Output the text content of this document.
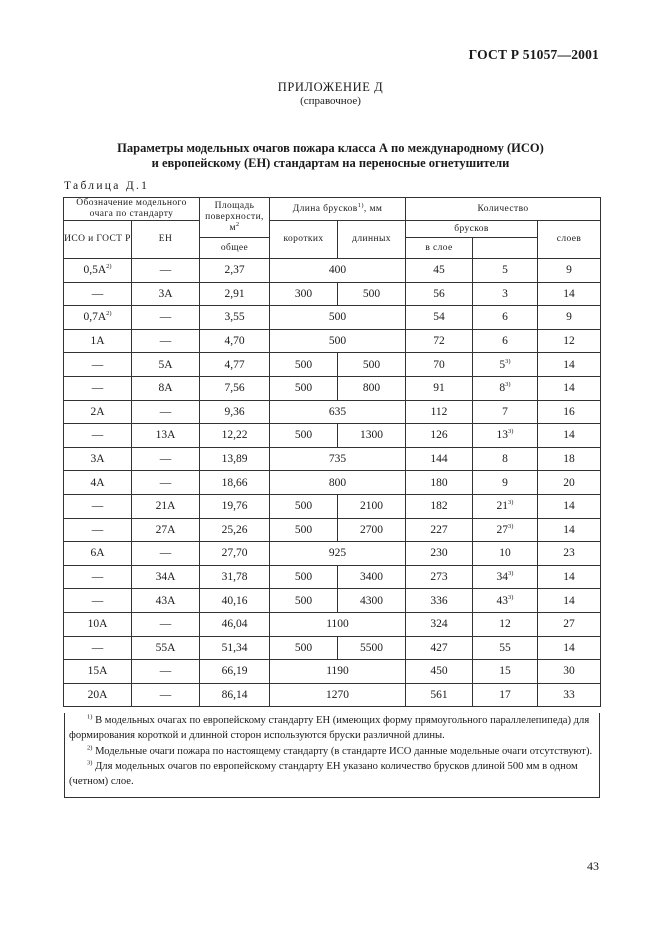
ГОСТ Р 51057—2001
ПРИЛОЖЕНИЕ Д
(справочное)
Параметры модельных очагов пожара класса А по международному (ИСО)
и европейскому (ЕН) стандартам на переносные огнетушители
Таблица Д.1
Обозначение модельного очага по стандарту		Площадь поверхности, $м^2$	Длина брусков$^{1)}$, мм		Количество		
ИСО и ГОСТ Р	ЕН		коротких	длинных	брусков		слоев
		общее			в слое		
$0,5А^{2)}$	—	2,37	400		45	5	9
—	3А	2,91	300	500	56	3	14
$0,7А^{2)}$	—	3,55	500		54	6	9
1А	—	4,70	500		72	6	12
—	5А	4,77	500	500	70	5$^{3)}$	14
—	8А	7,56	500	800	91	8$^{3)}$	14
2А	—	9,36	635		112	7	16
—	13А	12,22	500	1300	126	13$^{3)}$	14
3А	—	13,89	735		144	8	18
4А	—	18,66	800		180	9	20
—	21А	19,76	500	2100	182	21$^{3)}$	14
—	27А	25,26	500	2700	227	27$^{3)}$	14
6А	—	27,70	925		230	10	23
—	34А	31,78	500	3400	273	34$^{3)}$	14
—	43А	40,16	500	4300	336	43$^{3)}$	14
10А	—	46,04	1100		324	12	27
—	55А	51,34	500	5500	427	55	14
15А	—	66,19	1190		450	15	30
20А	—	86,14	1270		561	17	33

$^{1)}$ В модельных очагах по европейскому стандарту ЕН (имеющих форму прямоугольного параллелепипеда) для формирования короткой и длинной сторон используются бруски различной длины.

$^{2)}$ Модельные очаги пожара по настоящему стандарту (в стандарте ИСО данные модельные очаги отсутствуют).

$^{3)}$ Для модельных очагов по европейскому стандарту ЕН указано количество брусков длиной 500 мм в одном (четном) слое.

43
